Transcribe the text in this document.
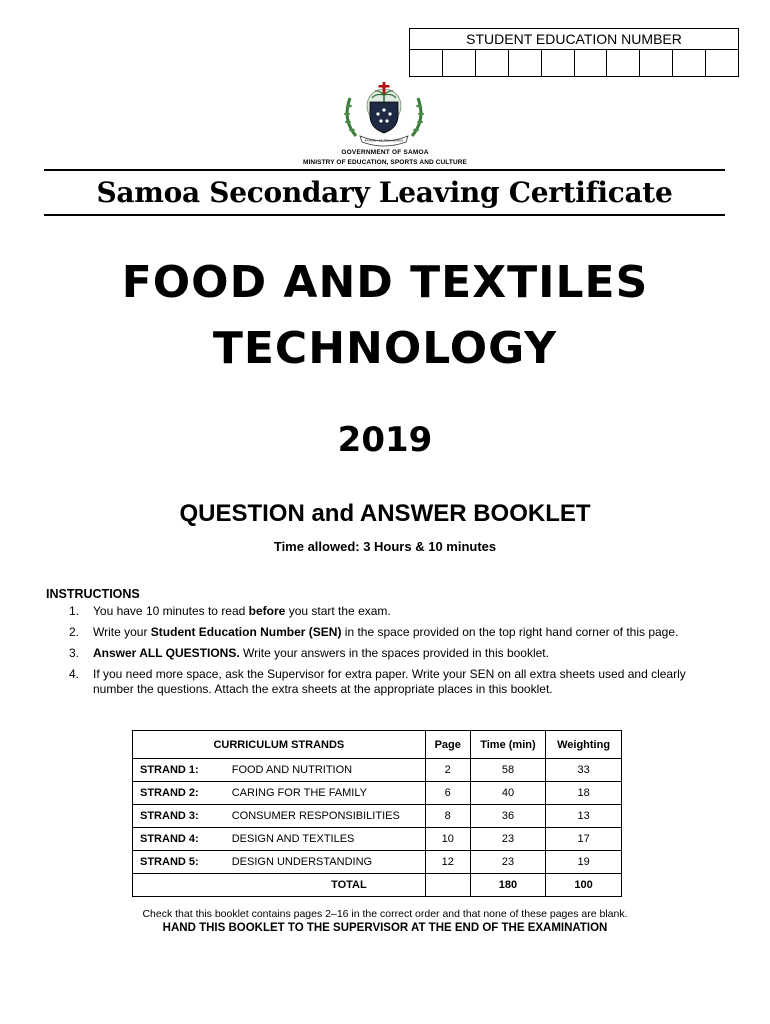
STUDENT EDUCATION NUMBER
FAAVAE I LE ATUA SAMOA
GOVERNMENT OF SAMOA
MINISTRY OF EDUCATION, SPORTS AND CULTURE
Samoa Secondary Leaving Certificate
FOOD AND TEXTILES
TECHNOLOGY
2019
QUESTION and ANSWER BOOKLET
Time allowed: 3 Hours & 10 minutes
INSTRUCTIONS
1. You have 10 minutes to read before you start the exam.
2. Write your Student Education Number (SEN) in the space provided on the top right hand corner of this page.
3. Answer ALL QUESTIONS. Write your answers in the spaces provided in this booklet.
4. If you need more space, ask the Supervisor for extra paper. Write your SEN on all extra sheets used and clearly number the questions. Attach the extra sheets at the appropriate places in this booklet.
CURRICULUM STRANDS		Page	Time (min)	Weighting
STRAND 1:	FOOD AND NUTRITION	2	58	33
STRAND 2:	CARING FOR THE FAMILY	6	40	18
STRAND 3:	CONSUMER RESPONSIBILITIES	8	36	13
STRAND 4:	DESIGN AND TEXTILES	10	23	17
STRAND 5:	DESIGN UNDERSTANDING	12	23	19
TOTAL			180	100
Check that this booklet contains pages 2–16 in the correct order and that none of these pages are blank.
HAND THIS BOOKLET TO THE SUPERVISOR AT THE END OF THE EXAMINATION
